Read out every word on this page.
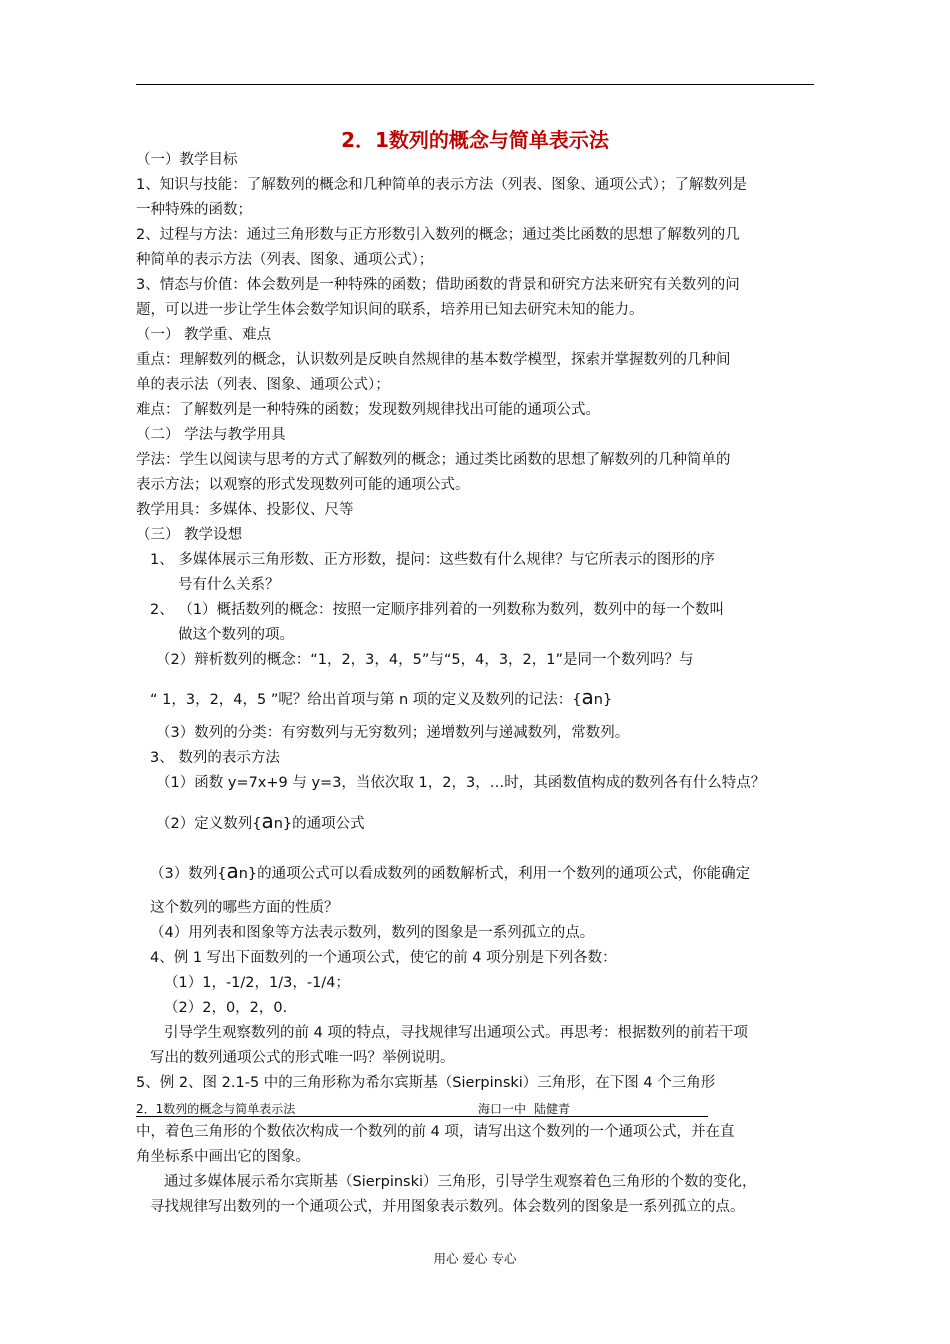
2．1数列的概念与简单表示法
（一）教学目标
1、知识与技能：了解数列的概念和几种简单的表示方法（列表、图象、通项公式）；了解数列是
一种特殊的函数；
2、过程与方法：通过三角形数与正方形数引入数列的概念；通过类比函数的思想了解数列的几
种简单的表示方法（列表、图象、通项公式）；
3、情态与价值：体会数列是一种特殊的函数；借助函数的背景和研究方法来研究有关数列的问
题，可以进一步让学生体会数学知识间的联系，培养用已知去研究未知的能力。
（一） 教学重、难点
重点：理解数列的概念，认识数列是反映自然规律的基本数学模型，探索并掌握数列的几种间
单的表示法（列表、图象、通项公式）；
难点：了解数列是一种特殊的函数；发现数列规律找出可能的通项公式。
（二） 学法与教学用具
学法：学生以阅读与思考的方式了解数列的概念；通过类比函数的思想了解数列的几种简单的
表示方法；以观察的形式发现数列可能的通项公式。
教学用具：多媒体、投影仪、尺等
（三） 教学设想
1、 多媒体展示三角形数、正方形数，提问：这些数有什么规律？与它所表示的图形的序
号有什么关系？
2、 （1）概括数列的概念：按照一定顺序排列着的一列数称为数列，数列中的每一个数叫
做这个数列的项。
（2）辩析数列的概念：“1，2，3，4，5”与“5，4，3，2，1”是同一个数列吗？与
“ 1，3，2，4，5 ”呢？给出首项与第 n 项的定义及数列的记法：{an}
（3）数列的分类：有穷数列与无穷数列；递增数列与递减数列，常数列。
3、 数列的表示方法
（1）函数 y=7x+9 与 y=3，当依次取 1，2，3，…时，其函数值构成的数列各有什么特点？
（2）定义数列{an}的通项公式
（3）数列{an}的通项公式可以看成数列的函数解析式，利用一个数列的通项公式，你能确定
这个数列的哪些方面的性质？
（4）用列表和图象等方法表示数列，数列的图象是一系列孤立的点。
4、例 1 写出下面数列的一个通项公式，使它的前 4 项分别是下列各数：
（1）1，-1/2，1/3，-1/4；
（2）2，0，2，0.
引导学生观察数列的前 4 项的特点，寻找规律写出通项公式。再思考：根据数列的前若干项
写出的数列通项公式的形式唯一吗？举例说明。
5、例 2、图 2.1-5 中的三角形称为希尔宾斯基（Sierpinski）三角形，在下图 4 个三角形
2．1数列的概念与简单表示法	海口一中 陆健青
中，着色三角形的个数依次构成一个数列的前 4 项，请写出这个数列的一个通项公式，并在直
角坐标系中画出它的图象。
通过多媒体展示希尔宾斯基（Sierpinski）三角形，引导学生观察着色三角形的个数的变化，
寻找规律写出数列的一个通项公式，并用图象表示数列。体会数列的图象是一系列孤立的点。
用心 爱心 专心
